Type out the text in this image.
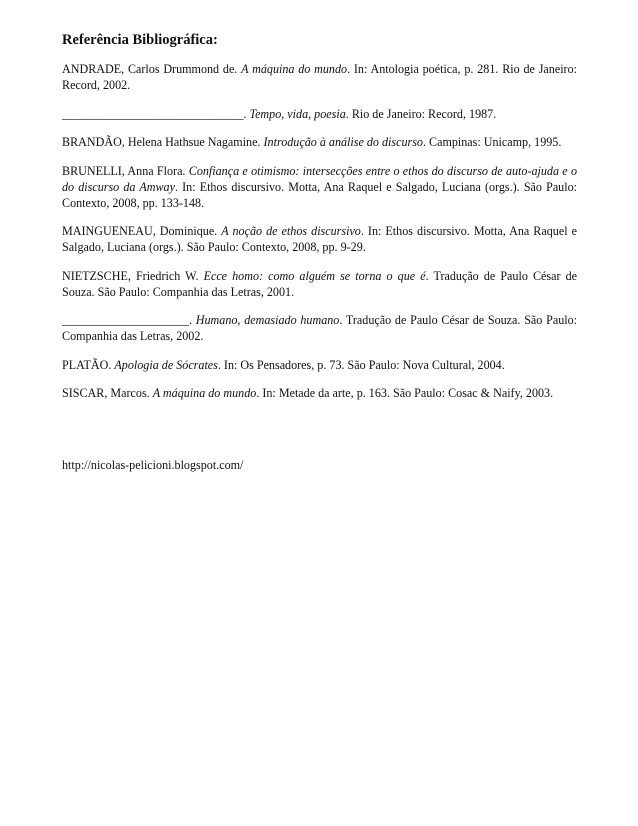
Referência Bibliográfica:

ANDRADE, Carlos Drummond de. A máquina do mundo. In: Antologia poética, p. 281. Rio de Janeiro: Record, 2002.

______________________________. Tempo, vida, poesia. Rio de Janeiro: Record, 1987.

BRANDÃO, Helena Hathsue Nagamine. Introdução à análise do discurso. Campinas: Unicamp, 1995.

BRUNELLI, Anna Flora. Confiança e otimismo: intersecções entre o ethos do discurso de auto-ajuda e o do discurso da Amway. In: Ethos discursivo. Motta, Ana Raquel e Salgado, Luciana (orgs.). São Paulo: Contexto, 2008, pp. 133-148.

MAINGUENEAU, Dominique. A noção de ethos discursivo. In: Ethos discursivo. Motta, Ana Raquel e Salgado, Luciana (orgs.). São Paulo: Contexto, 2008, pp. 9-29.

NIETZSCHE, Friedrich W. Ecce homo: como alguém se torna o que é. Tradução de Paulo César de Souza. São Paulo: Companhia das Letras, 2001.

_____________________. Humano, demasiado humano. Tradução de Paulo César de Souza. São Paulo: Companhia das Letras, 2002.

PLATÃO. Apologia de Sócrates. In: Os Pensadores, p. 73. São Paulo: Nova Cultural, 2004.

SISCAR, Marcos. A máquina do mundo. In: Metade da arte, p. 163. São Paulo: Cosac & Naify, 2003.

http://nicolas-pelicioni.blogspot.com/
